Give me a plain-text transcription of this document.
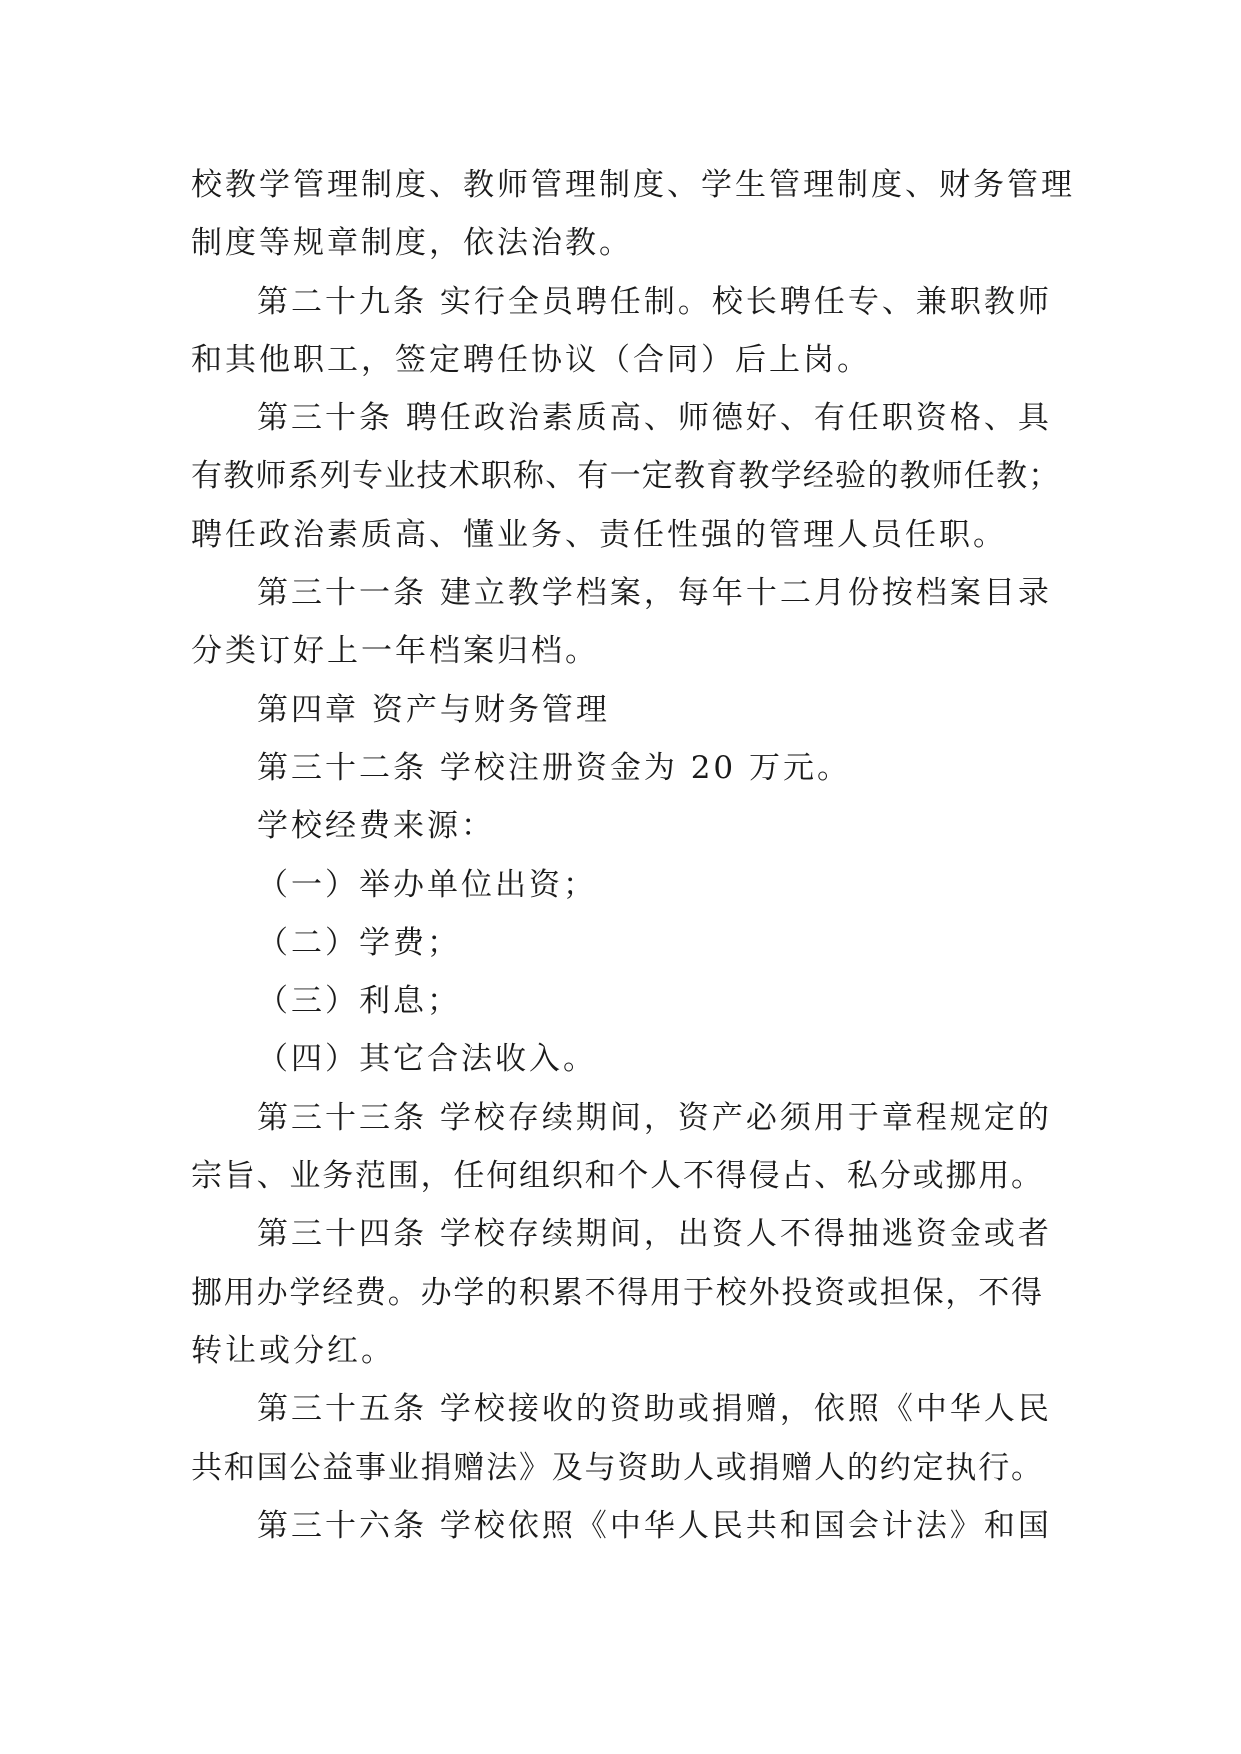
校教学管理制度、教师管理制度、学生管理制度、财务管理
制度等规章制度，依法治教。
第二十九条 实行全员聘任制。校长聘任专、兼职教师
和其他职工，签定聘任协议（合同）后上岗。
第三十条 聘任政治素质高、师德好、有任职资格、具
有教师系列专业技术职称、有一定教育教学经验的教师任教；
聘任政治素质高、懂业务、责任性强的管理人员任职。
第三十一条 建立教学档案，每年十二月份按档案目录
分类订好上一年档案归档。
第四章 资产与财务管理
第三十二条 学校注册资金为 20 万元。
学校经费来源：
（一）举办单位出资；
（二）学费；
（三）利息；
（四）其它合法收入。
第三十三条 学校存续期间，资产必须用于章程规定的
宗旨、业务范围，任何组织和个人不得侵占、私分或挪用。
第三十四条 学校存续期间，出资人不得抽逃资金或者
挪用办学经费。办学的积累不得用于校外投资或担保，不得
转让或分红。
第三十五条 学校接收的资助或捐赠，依照《中华人民
共和国公益事业捐赠法》及与资助人或捐赠人的约定执行。
第三十六条 学校依照《中华人民共和国会计法》和国
